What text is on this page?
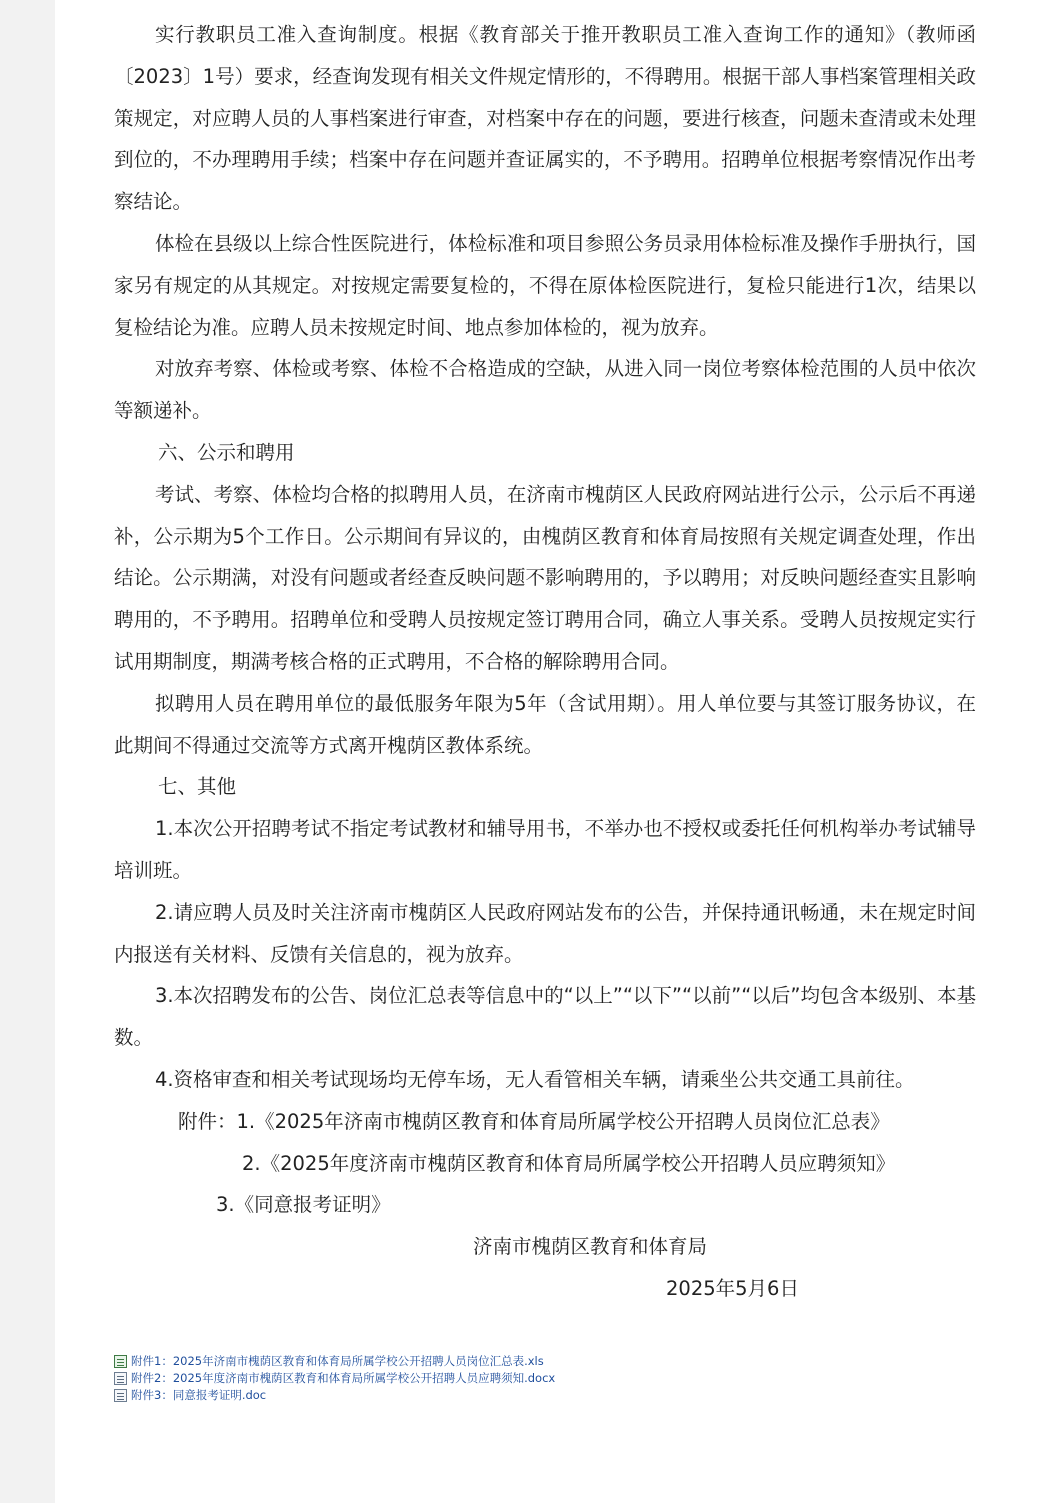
实行教职员工准入查询制度。根据《教育部关于推开教职员工准入查询工作的通知》（教师函〔2023〕1号）要求，经查询发现有相关文件规定情形的，不得聘用。根据干部人事档案管理相关政策规定，对应聘人员的人事档案进行审查，对档案中存在的问题，要进行核查，问题未查清或未处理到位的，不办理聘用手续；档案中存在问题并查证属实的，不予聘用。招聘单位根据考察情况作出考察结论。

体检在县级以上综合性医院进行，体检标准和项目参照公务员录用体检标准及操作手册执行，国家另有规定的从其规定。对按规定需要复检的，不得在原体检医院进行，复检只能进行1次，结果以复检结论为准。应聘人员未按规定时间、地点参加体检的，视为放弃。

对放弃考察、体检或考察、体检不合格造成的空缺，从进入同一岗位考察体检范围的人员中依次等额递补。

六、公示和聘用

考试、考察、体检均合格的拟聘用人员，在济南市槐荫区人民政府网站进行公示，公示后不再递补，公示期为5个工作日。公示期间有异议的，由槐荫区教育和体育局按照有关规定调查处理，作出结论。公示期满，对没有问题或者经查反映问题不影响聘用的，予以聘用；对反映问题经查实且影响聘用的，不予聘用。招聘单位和受聘人员按规定签订聘用合同，确立人事关系。受聘人员按规定实行试用期制度，期满考核合格的正式聘用，不合格的解除聘用合同。

拟聘用人员在聘用单位的最低服务年限为5年（含试用期）。用人单位要与其签订服务协议，在此期间不得通过交流等方式离开槐荫区教体系统。

七、其他

1.本次公开招聘考试不指定考试教材和辅导用书，不举办也不授权或委托任何机构举办考试辅导培训班。

2.请应聘人员及时关注济南市槐荫区人民政府网站发布的公告，并保持通讯畅通，未在规定时间内报送有关材料、反馈有关信息的，视为放弃。

3.本次招聘发布的公告、岗位汇总表等信息中的“以上”“以下”“以前”“以后”均包含本级别、本基数。

4.资格审查和相关考试现场均无停车场，无人看管相关车辆，请乘坐公共交通工具前往。

附件：1.《2025年济南市槐荫区教育和体育局所属学校公开招聘人员岗位汇总表》

2.《2025年度济南市槐荫区教育和体育局所属学校公开招聘人员应聘须知》

3.《同意报考证明》

济南市槐荫区教育和体育局

2025年5月6日

附件1：2025年济南市槐荫区教育和体育局所属学校公开招聘人员岗位汇总表.xls
附件2：2025年度济南市槐荫区教育和体育局所属学校公开招聘人员应聘须知.docx
附件3：同意报考证明.doc
